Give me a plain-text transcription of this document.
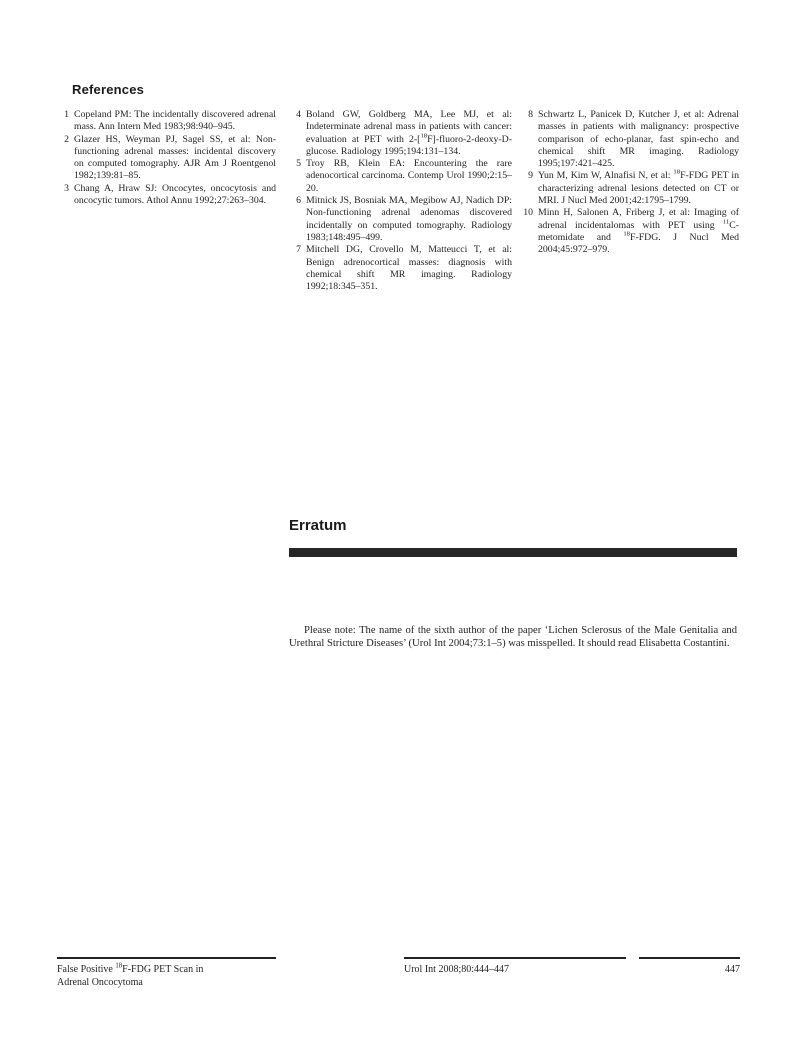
References
1 Copeland PM: The incidentally discovered adrenal mass. Ann Intern Med 1983;98:940–945.
2 Glazer HS, Weyman PJ, Sagel SS, et al: Non-functioning adrenal masses: incidental discovery on computed tomography. AJR Am J Roentgenol 1982;139:81–85.
3 Chang A, Hraw SJ: Oncocytes, oncocytosis and oncocytic tumors. Athol Annu 1992;27:263–304.
4 Boland GW, Goldberg MA, Lee MJ, et al: Indeterminate adrenal mass in patients with cancer: evaluation at PET with 2-[$^{18}$F]-fluoro-2-deoxy-D-glucose. Radiology 1995;194:131–134.
5 Troy RB, Klein EA: Encountering the rare adenocortical carcinoma. Contemp Urol 1990;2:15–20.
6 Mitnick JS, Bosniak MA, Megibow AJ, Nadich DP: Non-functioning adrenal adenomas discovered incidentally on computed tomography. Radiology 1983;148:495–499.
7 Mitchell DG, Crovello M, Matteucci T, et al: Benign adrenocortical masses: diagnosis with chemical shift MR imaging. Radiology 1992;18:345–351.
8 Schwartz L, Panicek D, Kutcher J, et al: Adrenal masses in patients with malignancy: prospective comparison of echo-planar, fast spin-echo and chemical shift MR imaging. Radiology 1995;197:421–425.
9 Yun M, Kim W, Alnafisi N, et al: $^{18}$F-FDG PET in characterizing adrenal lesions detected on CT or MRI. J Nucl Med 2001;42:1795–1799.
10 Minn H, Salonen A, Friberg J, et al: Imaging of adrenal incidentalomas with PET using $^{11}$C-metomidate and $^{18}$F-FDG. J Nucl Med 2004;45:972–979.
Erratum
Please note: The name of the sixth author of the paper ‘Lichen Sclerosus of the Male Genitalia and Urethral Stricture Diseases’ (Urol Int 2004;73:1–5) was misspelled. It should read Elisabetta Costantini.
False Positive $^{18}$F-FDG PET Scan in
Adrenal Oncocytoma
Urol Int 2008;80:444–447	447
